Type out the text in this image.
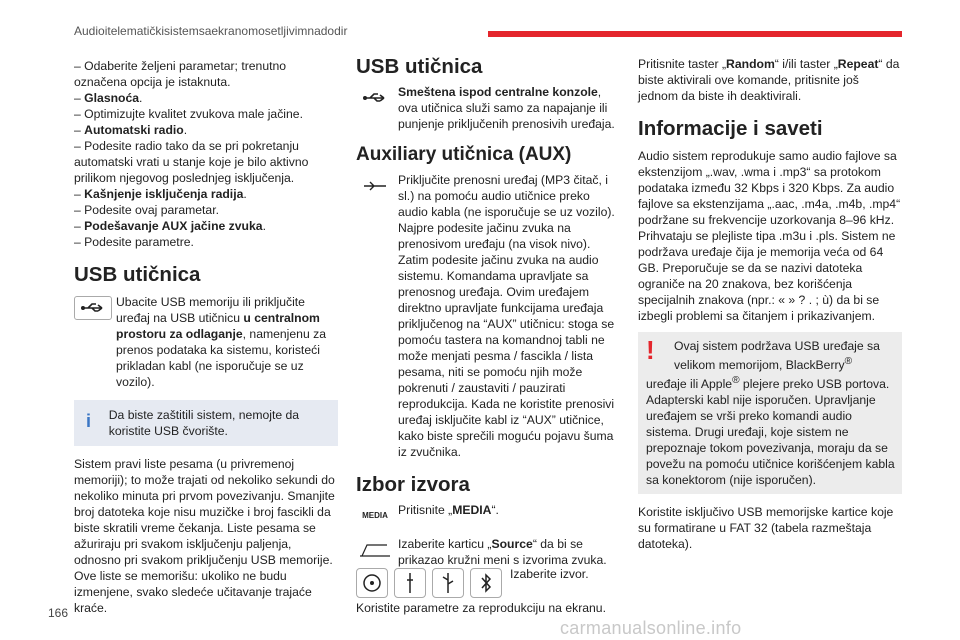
Audioitelematičkisistemsaekranomosetljivimnadodir

– Odaberite željeni parametar; trenutno označena opcija je istaknuta.

– Glasnoća.

– Optimizujte kvalitet zvukova male jačine.

– Automatski radio.

– Podesite radio tako da se pri pokretanju automatski vrati u stanje koje je bilo aktivno prilikom njegovog poslednjeg isključenja.

– Kašnjenje isključenja radija.

– Podesite ovaj parametar.

– Podešavanje AUX jačine zvuka.

– Podesite parametre.

USB utičnica

Ubacite USB memoriju ili priključite uređaj na USB utičnicu u centralnom prostoru za odlaganje, namenjenu za prenos podataka ka sistemu, koristeći prikladan kabl (ne isporučuje se uz vozilo).

i	Da biste zaštitili sistem, nemojte da koristite USB čvorište.

Sistem pravi liste pesama (u privremenoj memoriji); to može trajati od nekoliko sekundi do nekoliko minuta pri prvom povezivanju. Smanjite broj datoteka koje nisu muzičke i broj fascikli da biste skratili vreme čekanja. Liste pesama se ažuriraju pri svakom isključenju paljenja, odnosno pri svakom priključenju USB memorije. Ove liste se memorišu: ukoliko ne budu izmenjene, svako sledeće učitavanje trajaće kraće.

USB utičnica

Smeštena ispod centralne konzole, ova utičnica služi samo za napajanje ili punjenje priključenih prenosivih uređaja.

Auxiliary utičnica (AUX)

Priključite prenosni uređaj (MP3 čitač, i sl.) na pomoću audio utičnice preko audio kabla (ne isporučuje se uz vozilo). Najpre podesite jačinu zvuka na prenosivom uređaju (na visok nivo). Zatim podesite jačinu zvuka na audio sistemu. Komandama upravljate sa prenosnog uređaja. Ovim uređajem direktno upravljate funkcijama uređaja priključenog na “AUX” utičnicu: stoga se pomoću tastera na komandnoj tabli ne može menjati pesma / fascikla / lista pesama, niti se pomoću njih može pokrenuti / zaustaviti / pauzirati reprodukcija. Kada ne koristite prenosivi uređaj isključite kabl iz “AUX” utičnice, kako biste sprečili moguću pojavu šuma iz zvučnika.

Izbor izvora
MEDIA Pritisnite „MEDIA“.

Izaberite karticu „Source“ da bi se prikazao kružni meni s izvorima zvuka.

Izaberite izvor.

Koristite parametre za reprodukciju na ekranu.

Pritisnite taster „Random“ i/ili taster „Repeat“ da biste aktivirali ove komande, pritisnite još jednom da biste ih deaktivirali.

Informacije i saveti

Audio sistem reprodukuje samo audio fajlove sa ekstenzijom „.wav, .wma i .mp3“ sa protokom podataka između 32 Kbps i 320 Kbps. Za audio fajlove sa ekstenzijama „.aac, .m4a, .m4b, .mp4“ podržane su frekvencije uzorkovanja 8–96 kHz. Prihvataju se plejliste tipa .m3u i .pls. Sistem ne podržava uređaje čija je memorija veća od 64 GB. Preporučuje se da se nazivi datoteka ograniče na 20 znakova, bez korišćenja specijalnih znakova (npr.: « » ? . ; ù) da bi se izbegli problemi sa čitanjem i prikazivanjem.

!	Ovaj sistem podržava USB uređaje sa velikom memorijom, BlackBerry® uređaje ili Apple® plejere preko USB portova. Adapterski kabl nije isporučen. Upravljanje uređajem se vrši preko komandi audio sistema. Drugi uređaji, koje sistem ne prepoznaje tokom povezivanja, moraju da se povežu na pomoću utičnice korišćenjem kabla sa konektorom (nije isporučen).

Koristite isključivo USB memorijske kartice koje su formatirane u FAT 32 (tabela razmeštaja datoteka).

166
carmanualsonline.info
